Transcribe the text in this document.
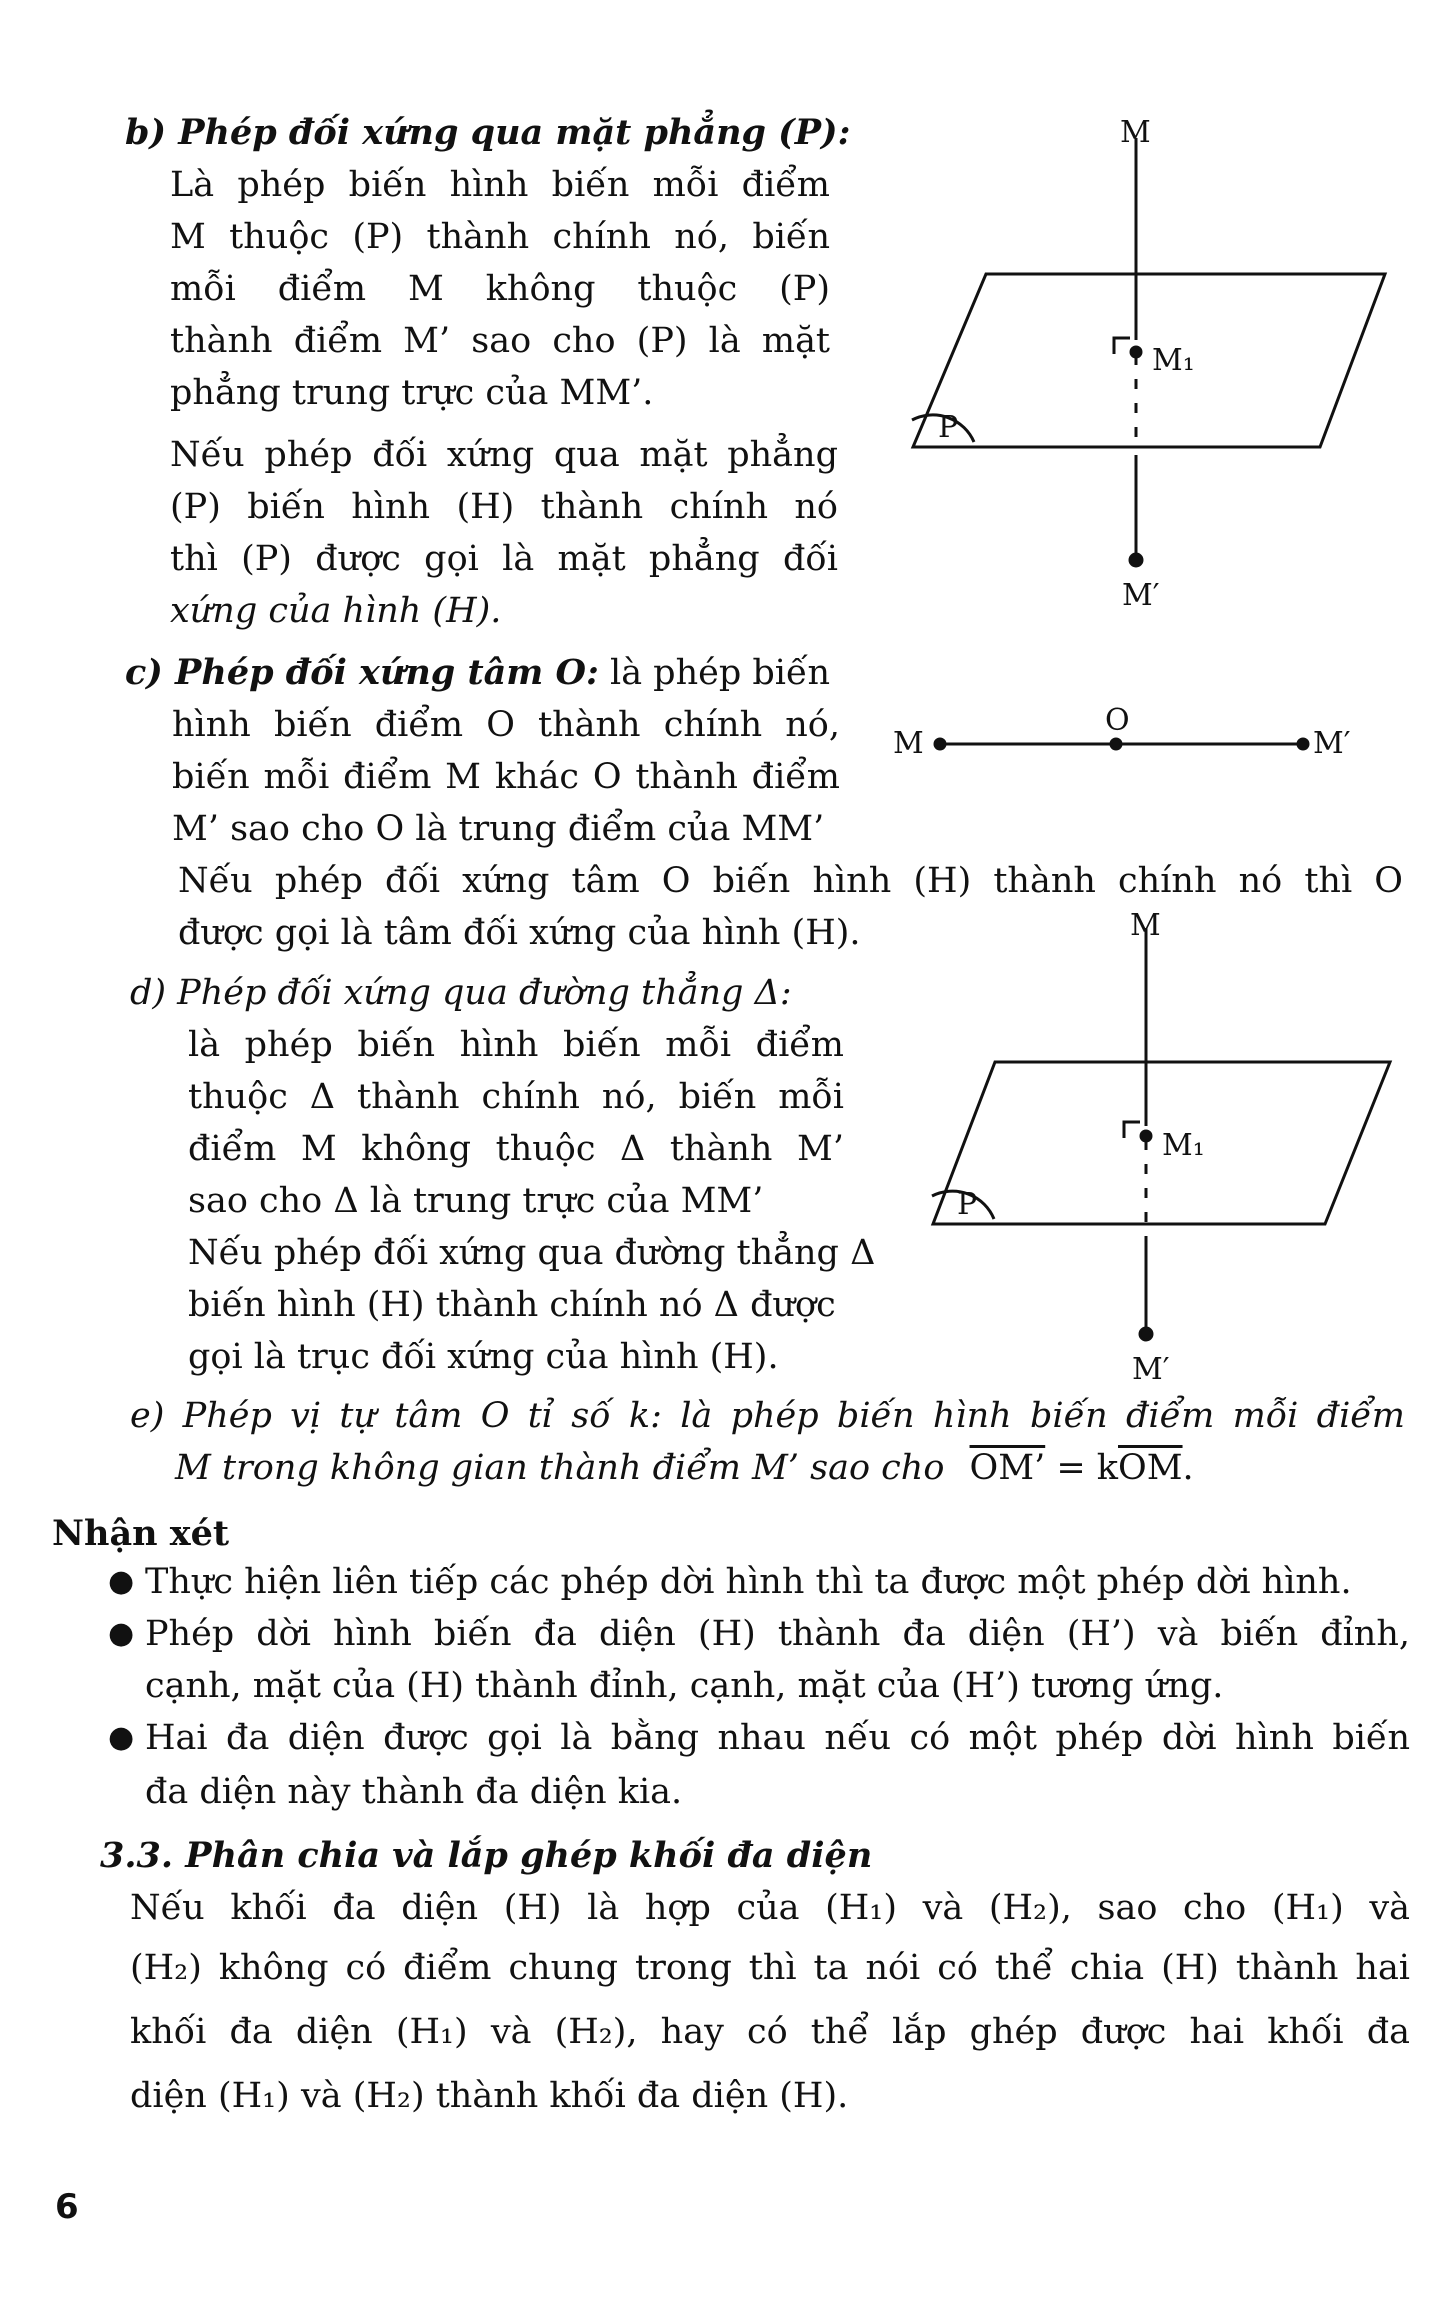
b) Phép đối xứng qua mặt phẳng (P):
Là phép biến hình biến mỗi điểm
M thuộc (P) thành chính nó, biến
mỗi điểm M không thuộc (P)
thành điểm M’ sao cho (P) là mặt
phẳng trung trực của MM’.
Nếu phép đối xứng qua mặt phẳng
(P) biến hình (H) thành chính nó
thì (P) được gọi là mặt phẳng đối
xứng của hình (H).
c) Phép đối xứng tâm O: là phép biến
hình biến điểm O thành chính nó,
biến mỗi điểm M khác O thành điểm
M’ sao cho O là trung điểm của MM’
Nếu phép đối xứng tâm O biến hình (H) thành chính nó thì O
được gọi là tâm đối xứng của hình (H).
d) Phép đối xứng qua đường thẳng Δ:
là phép biến hình biến mỗi điểm
thuộc Δ thành chính nó, biến mỗi
điểm M không thuộc Δ thành M’
sao cho Δ là trung trực của MM’
Nếu phép đối xứng qua đường thẳng Δ
biến hình (H) thành chính nó Δ được
gọi là trục đối xứng của hình (H).
e) Phép vị tự tâm O tỉ số k: là phép biến hình biến điểm mỗi điểm
M trong không gian thành điểm M’ sao cho OM’ = $k\overline{OM}$.
Nhận xét
● Thực hiện liên tiếp các phép dời hình thì ta được một phép dời hình.
● Phép dời hình biến đa diện (H) thành đa diện (H’) và biến đỉnh,
cạnh, mặt của (H) thành đỉnh, cạnh, mặt của (H’) tương ứng.
● Hai đa diện được gọi là bằng nhau nếu có một phép dời hình biến
đa diện này thành đa diện kia.
3.3. Phân chia và lắp ghép khối đa diện
Nếu khối đa diện (H) là hợp của (H₁) và (H₂), sao cho (H₁) và
(H₂) không có điểm chung trong thì ta nói có thể chia (H) thành hai
khối đa diện (H₁) và (H₂), hay có thể lắp ghép được hai khối đa
diện (H₁) và (H₂) thành khối đa diện (H).
M
M₁
M′
P
M
O
M′
M
M₁
M′
P
6
